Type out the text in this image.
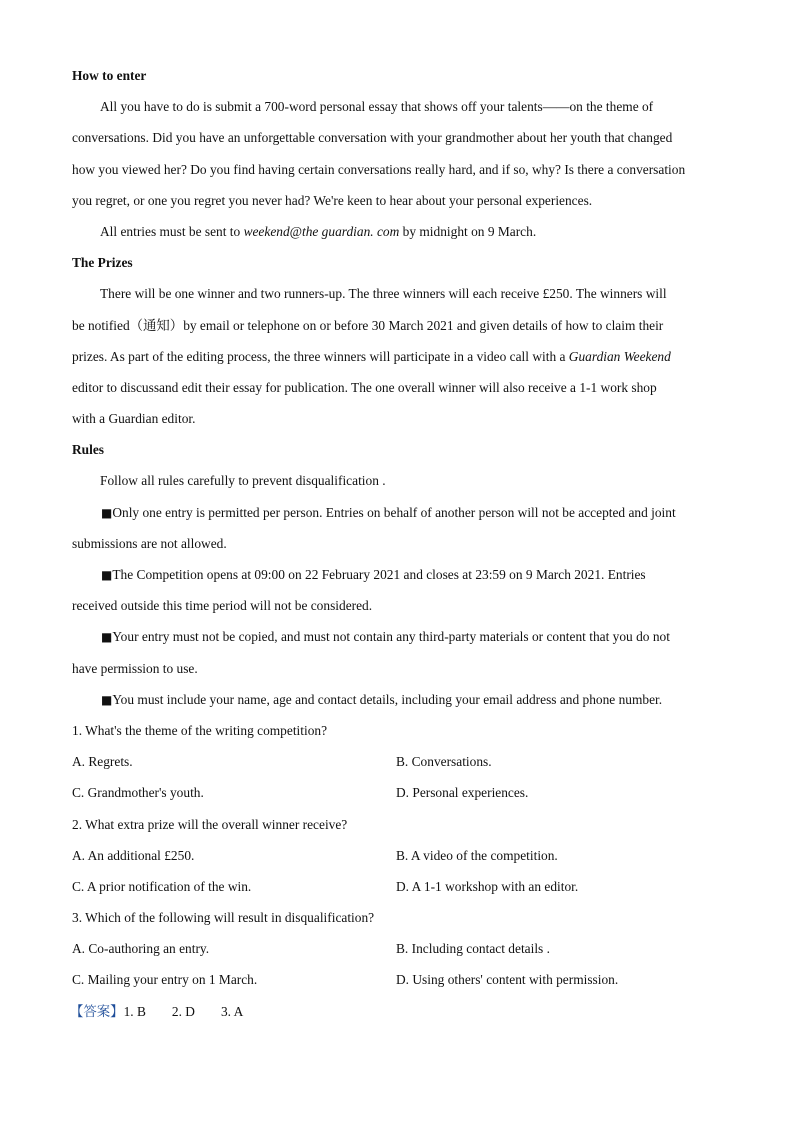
How to enter
All you have to do is submit a 700-word personal essay that shows off your talents——on the theme of
conversations. Did you have an unforgettable conversation with your grandmother about her youth that changed
how you viewed her? Do you find having certain conversations really hard, and if so, why? Is there a conversation
you regret, or one you regret you never had? We're keen to hear about your personal experiences.
All entries must be sent to weekend@the guardian. com by midnight on 9 March.
The Prizes
There will be one winner and two runners-up. The three winners will each receive £250. The winners will
be notified（通知）by email or telephone on or before 30 March 2021 and given details of how to claim their
prizes. As part of the editing process, the three winners will participate in a video call with a Guardian Weekend
editor to discussand edit their essay for publication. The one overall winner will also receive a 1-1 work shop
with a Guardian editor.
Rules
Follow all rules carefully to prevent disqualification .
■Only one entry is permitted per person. Entries on behalf of another person will not be accepted and joint
submissions are not allowed.
■The Competition opens at 09:00 on 22 February 2021 and closes at 23:59 on 9 March 2021. Entries
received outside this time period will not be considered.
■Your entry must not be copied, and must not contain any third-party materials or content that you do not
have permission to use.
■You must include your name, age and contact details, including your email address and phone number.
1. What's the theme of the writing competition?
A. Regrets.	B. Conversations.
C. Grandmother's youth.	D. Personal experiences.
2. What extra prize will the overall winner receive?
A. An additional £250.	B. A video of the competition.
C. A prior notification of the win.	D. A 1-1 workshop with an editor.
3. Which of the following will result in disqualification?
A. Co-authoring an entry.	B. Including contact details .
C. Mailing your entry on 1 March.	D. Using others' content with permission.
【答案】1. B 2. D 3. A
